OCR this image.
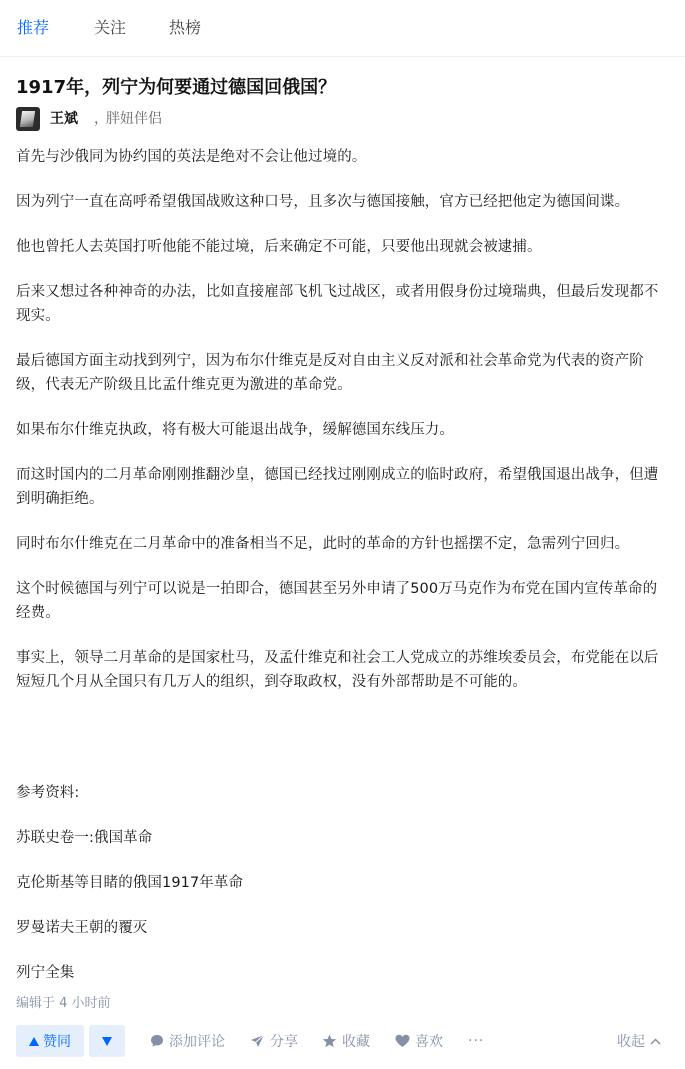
推荐	关注	热榜
1917年，列宁为何要通过德国回俄国？
王斌 ，
胖妞伴侣

首先与沙俄同为协约国的英法是绝对不会让他过境的。

因为列宁一直在高呼希望俄国战败这种口号，且多次与德国接触，官方已经把他定为德国间谍。

他也曾托人去英国打听他能不能过境，后来确定不可能，只要他出现就会被逮捕。

后来又想过各种神奇的办法，比如直接雇部飞机飞过战区，或者用假身份过境瑞典，但最后发现都不现实。

最后德国方面主动找到列宁，因为布尔什维克是反对自由主义反对派和社会革命党为代表的资产阶级，代表无产阶级且比孟什维克更为激进的革命党。

如果布尔什维克执政，将有极大可能退出战争，缓解德国东线压力。

而这时国内的二月革命刚刚推翻沙皇，德国已经找过刚刚成立的临时政府，希望俄国退出战争，但遭到明确拒绝。

同时布尔什维克在二月革命中的准备相当不足，此时的革命的方针也摇摆不定，急需列宁回归。

这个时候德国与列宁可以说是一拍即合，德国甚至另外申请了500万马克作为布党在国内宣传革命的经费。

事实上，领导二月革命的是国家杜马，及孟什维克和社会工人党成立的苏维埃委员会，布党能在以后短短几个月从全国只有几万人的组织，到夺取政权，没有外部帮助是不可能的。

参考资料:

苏联史卷一:俄国革命

克伦斯基等目睹的俄国1917年革命

罗曼诺夫王朝的覆灭

列宁全集

编辑于 4 小时前
赞同	添加评论	分享	收藏	喜欢 ···	收起
